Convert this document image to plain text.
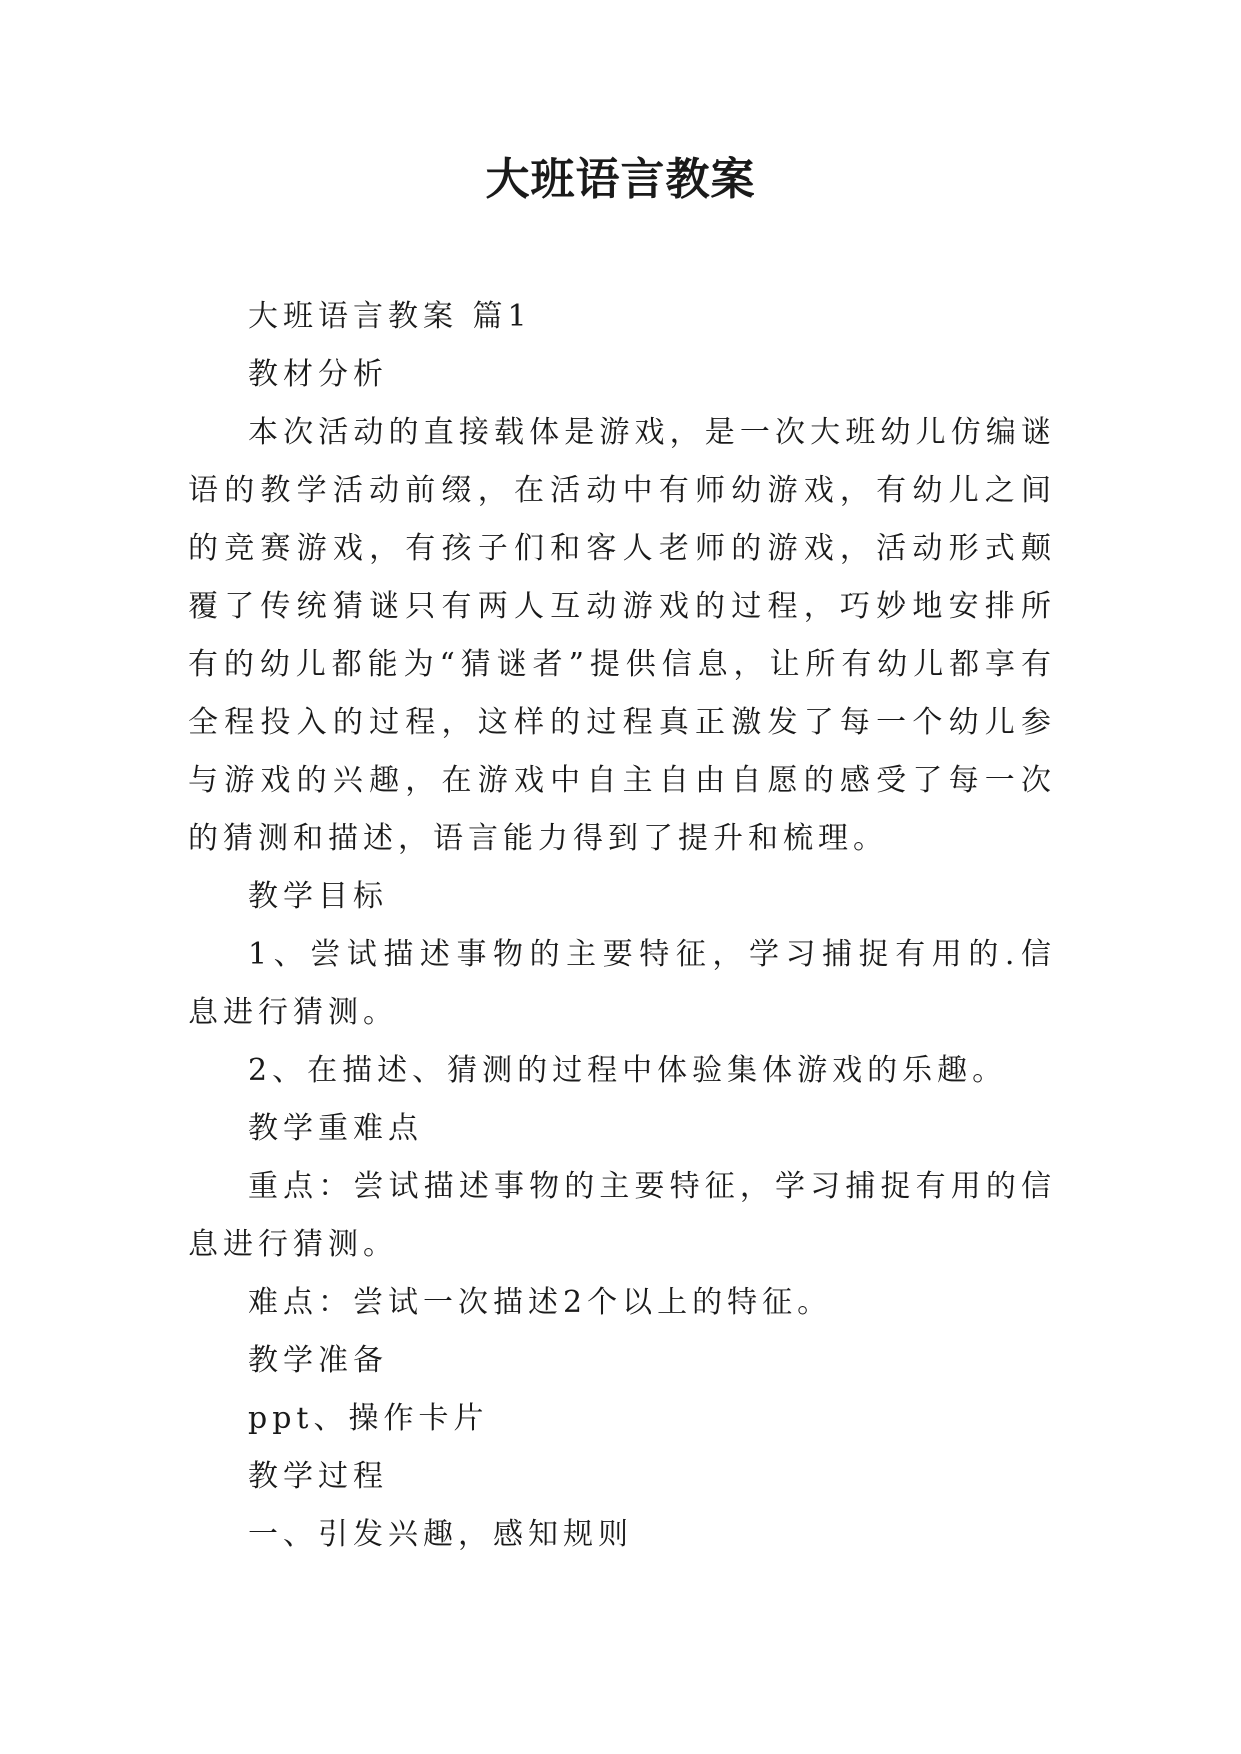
大班语言教案

大班语言教案 篇1

教材分析

本次活动的直接载体是游戏，是一次大班幼儿仿编谜语的教学活动前缀，在活动中有师幼游戏，有幼儿之间的竞赛游戏，有孩子们和客人老师的游戏，活动形式颠覆了传统猜谜只有两人互动游戏的过程，巧妙地安排所有的幼儿都能为“猜谜者”提供信息，让所有幼儿都享有全程投入的过程，这样的过程真正激发了每一个幼儿参与游戏的兴趣，在游戏中自主自由自愿的感受了每一次的猜测和描述，语言能力得到了提升和梳理。

教学目标

1、尝试描述事物的主要特征，学习捕捉有用的.信息进行猜测。

2、在描述、猜测的过程中体验集体游戏的乐趣。

教学重难点

重点：尝试描述事物的主要特征，学习捕捉有用的信息进行猜测。

难点：尝试一次描述2个以上的特征。

教学准备

ppt、操作卡片

教学过程

一、引发兴趣，感知规则
